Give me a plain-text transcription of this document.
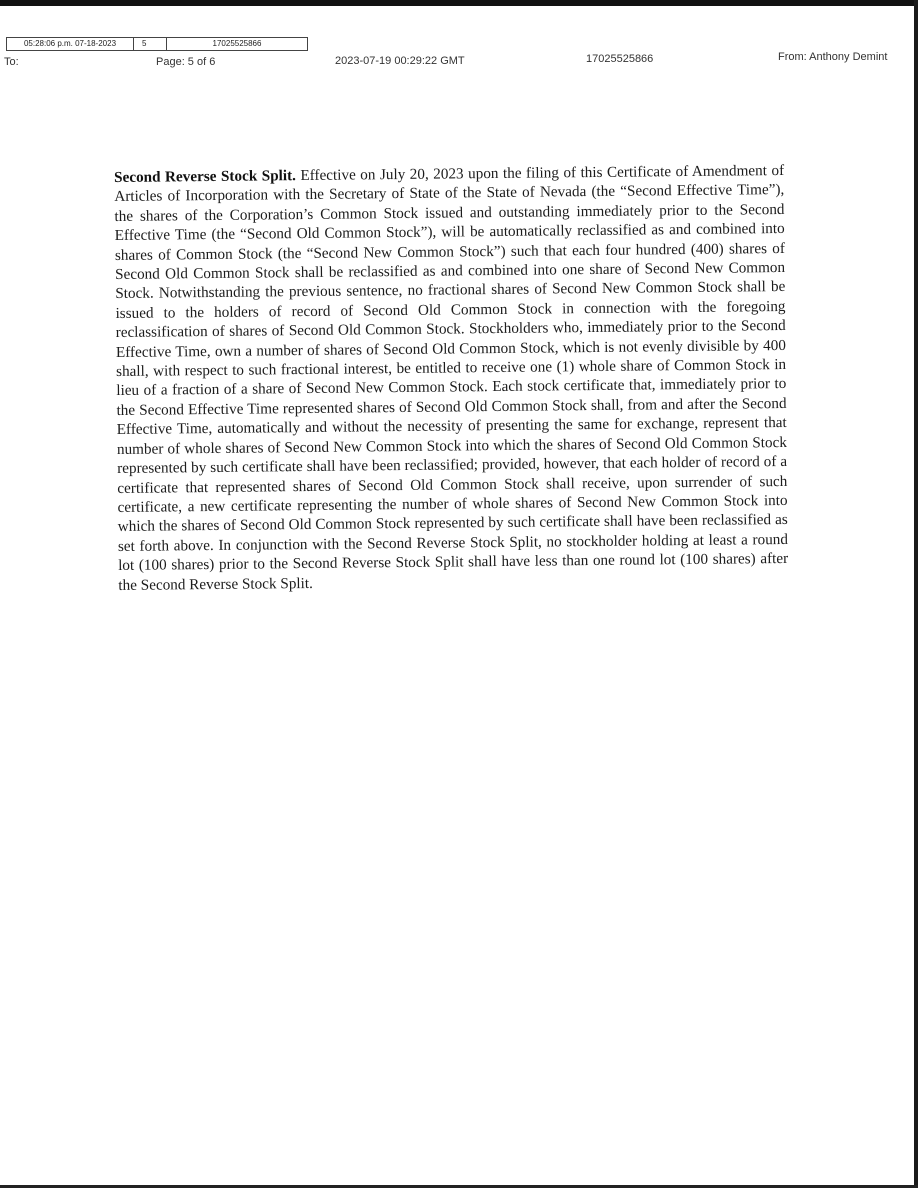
05:28:06 p.m. 07-18-2023	5	17025525866
To:	Page: 5 of 6	2023-07-19 00:29:22 GMT	17025525866	From: Anthony Demint

Second Reverse Stock Split. Effective on July 20, 2023 upon the filing of this Certificate of Amendment of Articles of Incorporation with the Secretary of State of the State of Nevada (the “Second Effective Time”), the shares of the Corporation’s Common Stock issued and outstanding immediately prior to the Second Effective Time (the “Second Old Common Stock”), will be automatically reclassified as and combined into shares of Common Stock (the “Second New Common Stock”) such that each four hundred (400) shares of Second Old Common Stock shall be reclassified as and combined into one share of Second New Common Stock. Notwithstanding the previous sentence, no fractional shares of Second New Common Stock shall be issued to the holders of record of Second Old Common Stock in connection with the foregoing reclassification of shares of Second Old Common Stock. Stockholders who, immediately prior to the Second Effective Time, own a number of shares of Second Old Common Stock, which is not evenly divisible by 400 shall, with respect to such fractional interest, be entitled to receive one (1) whole share of Common Stock in lieu of a fraction of a share of Second New Common Stock. Each stock certificate that, immediately prior to the Second Effective Time represented shares of Second Old Common Stock shall, from and after the Second Effective Time, automatically and without the necessity of presenting the same for exchange, represent that number of whole shares of Second New Common Stock into which the shares of Second Old Common Stock represented by such certificate shall have been reclassified; provided, however, that each holder of record of a certificate that represented shares of Second Old Common Stock shall receive, upon surrender of such certificate, a new certificate representing the number of whole shares of Second New Common Stock into which the shares of Second Old Common Stock represented by such certificate shall have been reclassified as set forth above. In conjunction with the Second Reverse Stock Split, no stockholder holding at least a round lot (100 shares) prior to the Second Reverse Stock Split shall have less than one round lot (100 shares) after the Second Reverse Stock Split.
